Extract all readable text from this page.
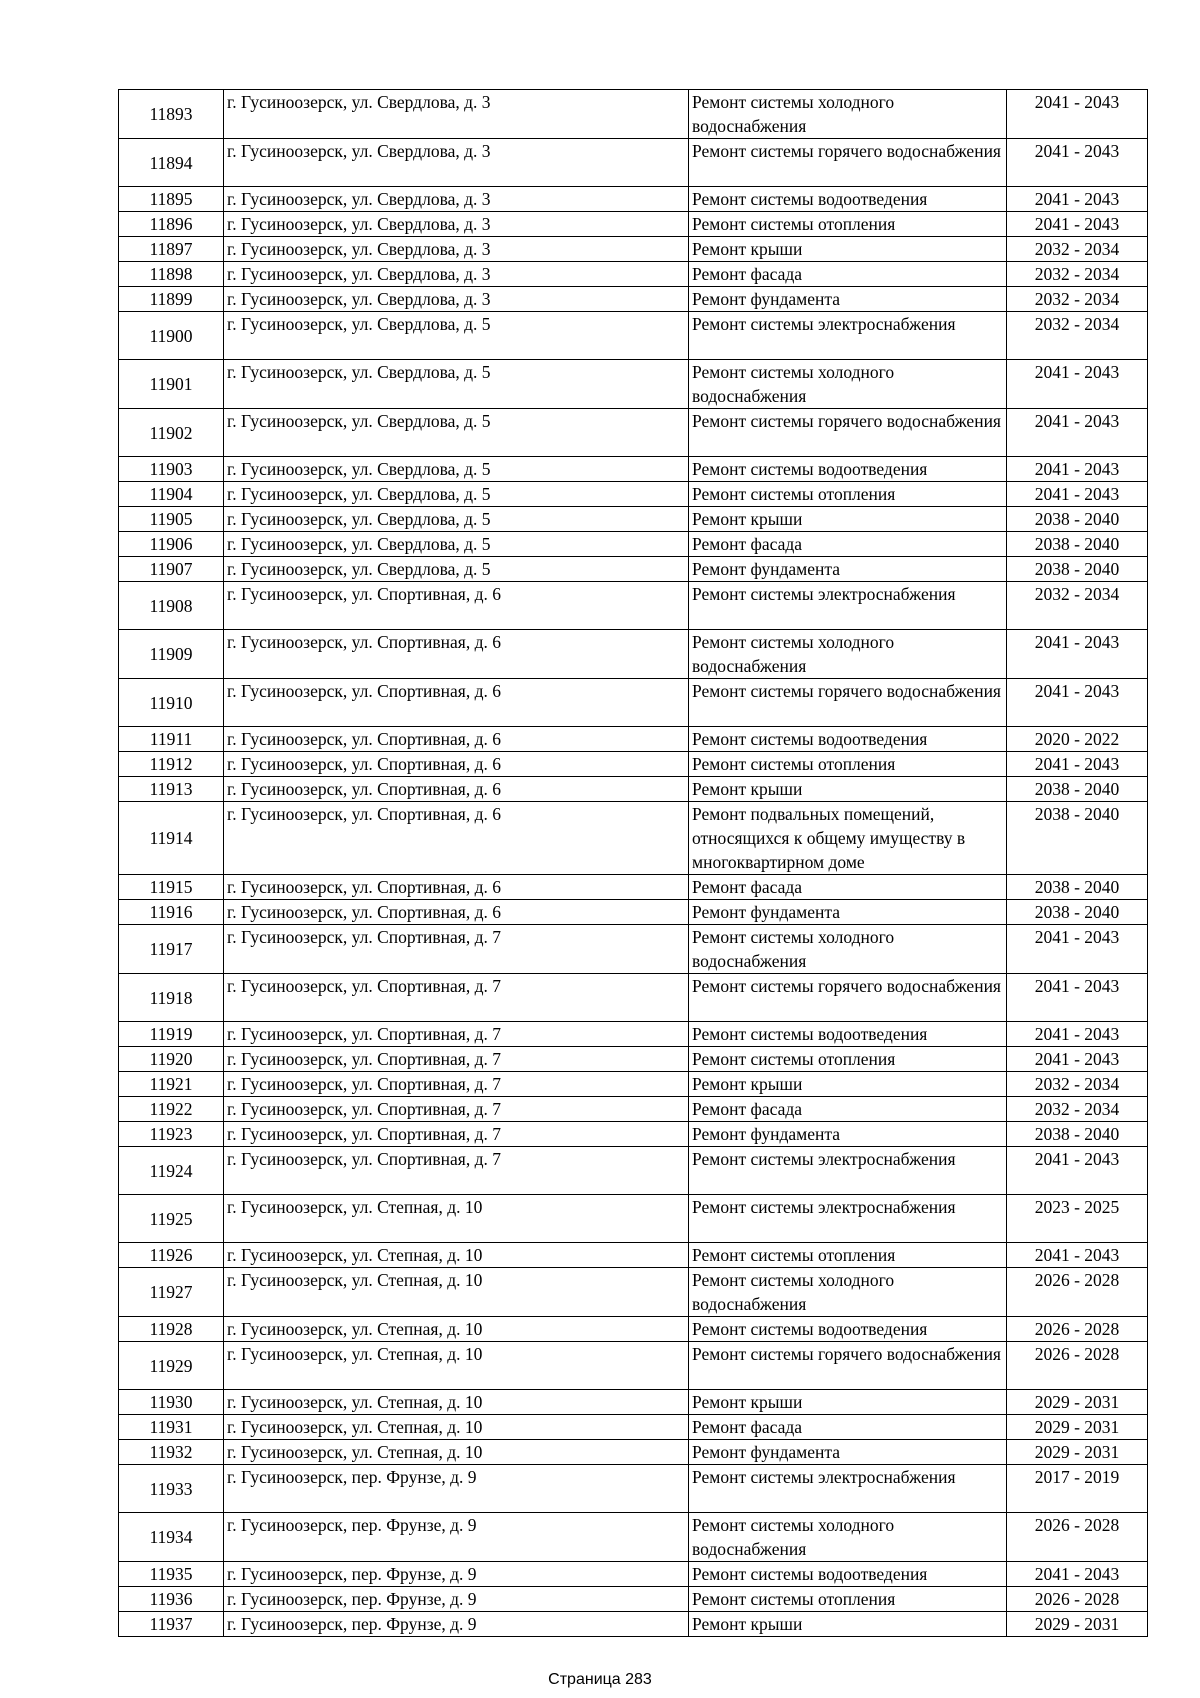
11893	г. Гусиноозерск, ул. Свердлова, д. 3	Ремонт системы холодного водоснабжения	2041 - 2043
11894	г. Гусиноозерск, ул. Свердлова, д. 3	Ремонт системы горячего водоснабжения	2041 - 2043
11895	г. Гусиноозерск, ул. Свердлова, д. 3	Ремонт системы водоотведения	2041 - 2043
11896	г. Гусиноозерск, ул. Свердлова, д. 3	Ремонт системы отопления	2041 - 2043
11897	г. Гусиноозерск, ул. Свердлова, д. 3	Ремонт крыши	2032 - 2034
11898	г. Гусиноозерск, ул. Свердлова, д. 3	Ремонт фасада	2032 - 2034
11899	г. Гусиноозерск, ул. Свердлова, д. 3	Ремонт фундамента	2032 - 2034
11900	г. Гусиноозерск, ул. Свердлова, д. 5	Ремонт системы электроснабжения	2032 - 2034
11901	г. Гусиноозерск, ул. Свердлова, д. 5	Ремонт системы холодного водоснабжения	2041 - 2043
11902	г. Гусиноозерск, ул. Свердлова, д. 5	Ремонт системы горячего водоснабжения	2041 - 2043
11903	г. Гусиноозерск, ул. Свердлова, д. 5	Ремонт системы водоотведения	2041 - 2043
11904	г. Гусиноозерск, ул. Свердлова, д. 5	Ремонт системы отопления	2041 - 2043
11905	г. Гусиноозерск, ул. Свердлова, д. 5	Ремонт крыши	2038 - 2040
11906	г. Гусиноозерск, ул. Свердлова, д. 5	Ремонт фасада	2038 - 2040
11907	г. Гусиноозерск, ул. Свердлова, д. 5	Ремонт фундамента	2038 - 2040
11908	г. Гусиноозерск, ул. Спортивная, д. 6	Ремонт системы электроснабжения	2032 - 2034
11909	г. Гусиноозерск, ул. Спортивная, д. 6	Ремонт системы холодного водоснабжения	2041 - 2043
11910	г. Гусиноозерск, ул. Спортивная, д. 6	Ремонт системы горячего водоснабжения	2041 - 2043
11911	г. Гусиноозерск, ул. Спортивная, д. 6	Ремонт системы водоотведения	2020 - 2022
11912	г. Гусиноозерск, ул. Спортивная, д. 6	Ремонт системы отопления	2041 - 2043
11913	г. Гусиноозерск, ул. Спортивная, д. 6	Ремонт крыши	2038 - 2040
11914	г. Гусиноозерск, ул. Спортивная, д. 6	Ремонт подвальных помещений, относящихся к общему имуществу в многоквартирном доме	2038 - 2040
11915	г. Гусиноозерск, ул. Спортивная, д. 6	Ремонт фасада	2038 - 2040
11916	г. Гусиноозерск, ул. Спортивная, д. 6	Ремонт фундамента	2038 - 2040
11917	г. Гусиноозерск, ул. Спортивная, д. 7	Ремонт системы холодного водоснабжения	2041 - 2043
11918	г. Гусиноозерск, ул. Спортивная, д. 7	Ремонт системы горячего водоснабжения	2041 - 2043
11919	г. Гусиноозерск, ул. Спортивная, д. 7	Ремонт системы водоотведения	2041 - 2043
11920	г. Гусиноозерск, ул. Спортивная, д. 7	Ремонт системы отопления	2041 - 2043
11921	г. Гусиноозерск, ул. Спортивная, д. 7	Ремонт крыши	2032 - 2034
11922	г. Гусиноозерск, ул. Спортивная, д. 7	Ремонт фасада	2032 - 2034
11923	г. Гусиноозерск, ул. Спортивная, д. 7	Ремонт фундамента	2038 - 2040
11924	г. Гусиноозерск, ул. Спортивная, д. 7	Ремонт системы электроснабжения	2041 - 2043
11925	г. Гусиноозерск, ул. Степная, д. 10	Ремонт системы электроснабжения	2023 - 2025
11926	г. Гусиноозерск, ул. Степная, д. 10	Ремонт системы отопления	2041 - 2043
11927	г. Гусиноозерск, ул. Степная, д. 10	Ремонт системы холодного водоснабжения	2026 - 2028
11928	г. Гусиноозерск, ул. Степная, д. 10	Ремонт системы водоотведения	2026 - 2028
11929	г. Гусиноозерск, ул. Степная, д. 10	Ремонт системы горячего водоснабжения	2026 - 2028
11930	г. Гусиноозерск, ул. Степная, д. 10	Ремонт крыши	2029 - 2031
11931	г. Гусиноозерск, ул. Степная, д. 10	Ремонт фасада	2029 - 2031
11932	г. Гусиноозерск, ул. Степная, д. 10	Ремонт фундамента	2029 - 2031
11933	г. Гусиноозерск, пер. Фрунзе, д. 9	Ремонт системы электроснабжения	2017 - 2019
11934	г. Гусиноозерск, пер. Фрунзе, д. 9	Ремонт системы холодного водоснабжения	2026 - 2028
11935	г. Гусиноозерск, пер. Фрунзе, д. 9	Ремонт системы водоотведения	2041 - 2043
11936	г. Гусиноозерск, пер. Фрунзе, д. 9	Ремонт системы отопления	2026 - 2028
11937	г. Гусиноозерск, пер. Фрунзе, д. 9	Ремонт крыши	2029 - 2031
Страница 283
